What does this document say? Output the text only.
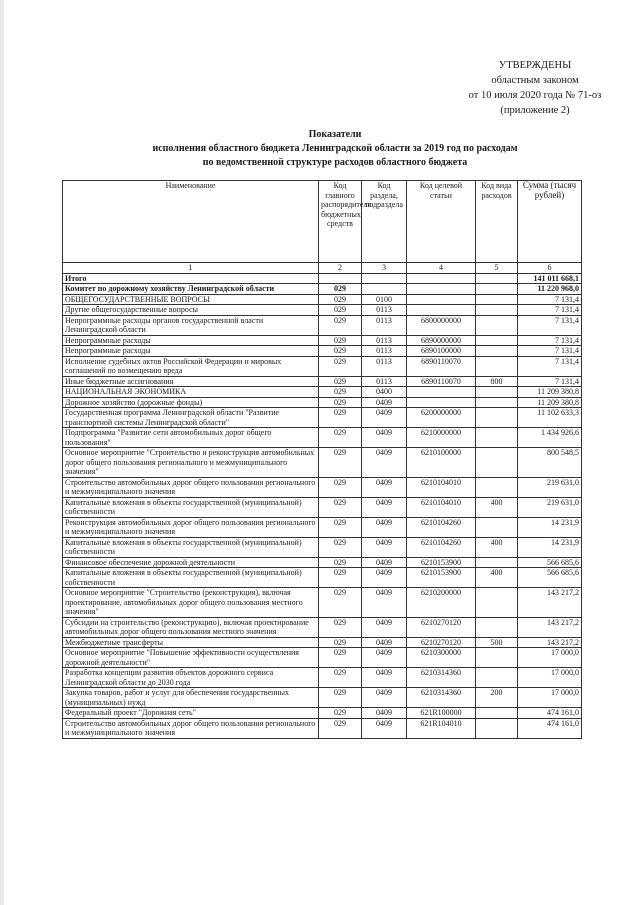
УТВЕРЖДЕНЫ
областным законом
от 10 июля 2020 года № 71-оз
(приложение 2)
Показатели
исполнения областного бюджета Ленинградской области за 2019 год по расходам
по ведомственной структуре расходов областного бюджета
Наименование	Код главного распорядителя бюджетных средств	Код раздела, подраздела	Код целевой статьи	Код вида расходов	Сумма (тысяч рублей)
1	2	3	4	5	6
Итого					141 011 668,1
Комитет по дорожному хозяйству Ленинградской области	029				11 220 968,0
ОБЩЕГОСУДАРСТВЕННЫЕ ВОПРОСЫ	029	0100			7 131,4
Другие общегосударственные вопросы	029	0113			7 131,4
Непрограммные расходы органов государственной власти Ленинградской области	029	0113	6800000000		7 131,4
Непрограммные расходы	029	0113	6890000000		7 131,4
Непрограммные расходы	029	0113	6890100000		7 131,4
Исполнение судебных актов Российской Федерации и мировых соглашений по возмещению вреда	029	0113	6890110070		7 131,4
Иные бюджетные ассигнования	029	0113	6890110070	800	7 131,4
НАЦИОНАЛЬНАЯ ЭКОНОМИКА	029	0400			11 209 380,8
Дорожное хозяйство (дорожные фонды)	029	0409			11 209 380,8
Государственная программа Ленинградской области "Развитие транспортной системы Ленинградской области"	029	0409	6200000000		11 102 633,3
Подпрограмма "Развитие сети автомобильных дорог общего пользования"	029	0409	6210000000		1 434 926,6
Основное мероприятие "Строительство и реконструкция автомобильных дорог общего пользования регионального и межмуниципального значения"	029	0409	6210100000		800 548,5
Строительство автомобильных дорог общего пользования регионального и межмуниципального значения	029	0409	6210104010		219 631,0
Капитальные вложения в объекты государственной (муниципальной) собственности	029	0409	6210104010	400	219 631,0
Реконструкция автомобильных дорог общего пользования регионального и межмуниципального значения	029	0409	6210104260		14 231,9
Капитальные вложения в объекты государственной (муниципальной) собственности	029	0409	6210104260	400	14 231,9
Финансовое обеспечение дорожной деятельности	029	0409	6210153900		566 685,6
Капитальные вложения в объекты государственной (муниципальной) собственности	029	0409	6210153900	400	566 685,6
Основное мероприятие "Строительство (реконструкция), включая проектирование, автомобильных дорог общего пользования местного значения"	029	0409	6210200000		143 217,2
Субсидии на строительство (реконструкцию), включая проектирование автомобильных дорог общего пользования местного значения	029	0409	6210270120		143 217,2
Межбюджетные трансферты	029	0409	6210270120	500	143 217,2
Основное мероприятие "Повышение эффективности осуществления дорожной деятельности"	029	0409	6210300000		17 000,0
Разработка концепции развития объектов дорожного сервиса Ленинградской области до 2030 года	029	0409	6210314360		17 000,0
Закупка товаров, работ и услуг для обеспечения государственных (муниципальных) нужд	029	0409	6210314360	200	17 000,0
Федеральный проект "Дорожная сеть"	029	0409	621R100000		474 161,0
Строительство автомобильных дорог общего пользования регионального и межмуниципального значения	029	0409	621R104010		474 161,0
